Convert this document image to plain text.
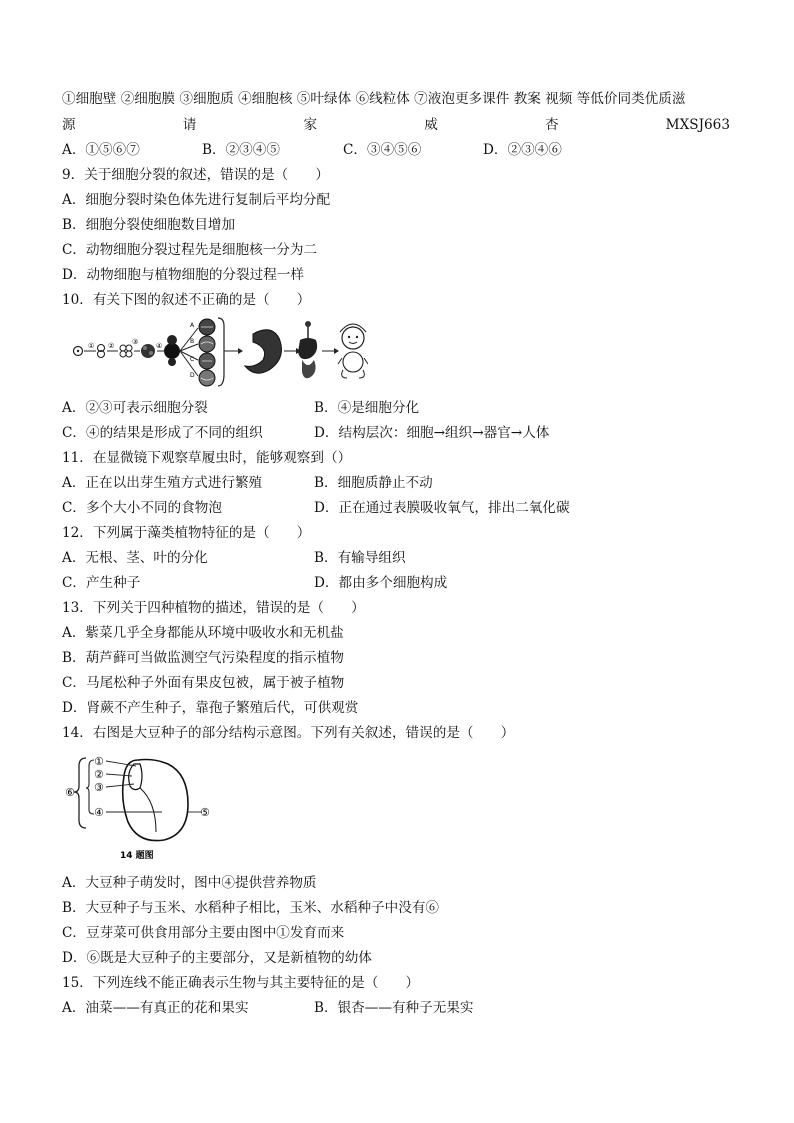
①细胞壁 ②细胞膜 ③细胞质 ④细胞核 ⑤叶绿体 ⑥线粒体 ⑦液泡更多课件 教案 视频 等低价同类优质滋
源	请	家	威	杏	MXSJ663
A．①⑤⑥⑦	B．②③④⑤	C．③④⑤⑥	D．②③④⑥
9．关于细胞分裂的叙述，错误的是（　　）
A．细胞分裂时染色体先进行复制后平均分配
B．细胞分裂使细胞数目增加
C．动物细胞分裂过程先是细胞核一分为二
D．动物细胞与植物细胞的分裂过程一样
10．有关下图的叙述不正确的是（　　）
① ②	③	④
A
B
C
D
A．②③可表示细胞分裂	B．④是细胞分化
C．④的结果是形成了不同的组织	D．结构层次：细胞→组织→器官→人体
11．在显微镜下观察草履虫时，能够观察到（）
A．正在以出芽生殖方式进行繁殖	B．细胞质静止不动
C．多个大小不同的食物泡	D．正在通过表膜吸收氧气，排出二氧化碳
12．下列属于藻类植物特征的是（　　）
A．无根、茎、叶的分化	B．有输导组织
C．产生种子	D．都由多个细胞构成
13．下列关于四种植物的描述，错误的是（　　）
A．紫菜几乎全身都能从环境中吸收水和无机盐
B．葫芦藓可当做监测空气污染程度的指示植物
C．马尾松种子外面有果皮包被，属于被子植物
D．肾蕨不产生种子，靠孢子繁殖后代，可供观赏
14．右图是大豆种子的部分结构示意图。下列有关叙述，错误的是（　　）
⑥
①
②
③
④	⑤
14 题图
A．大豆种子萌发时，图中④提供营养物质
B．大豆种子与玉米、水稻种子相比，玉米、水稻种子中没有⑥
C．豆芽菜可供食用部分主要由图中①发育而来
D．⑥既是大豆种子的主要部分，又是新植物的幼体
15．下列连线不能正确表示生物与其主要特征的是（　　）
A．油菜——有真正的花和果实	B．银杏——有种子无果实
